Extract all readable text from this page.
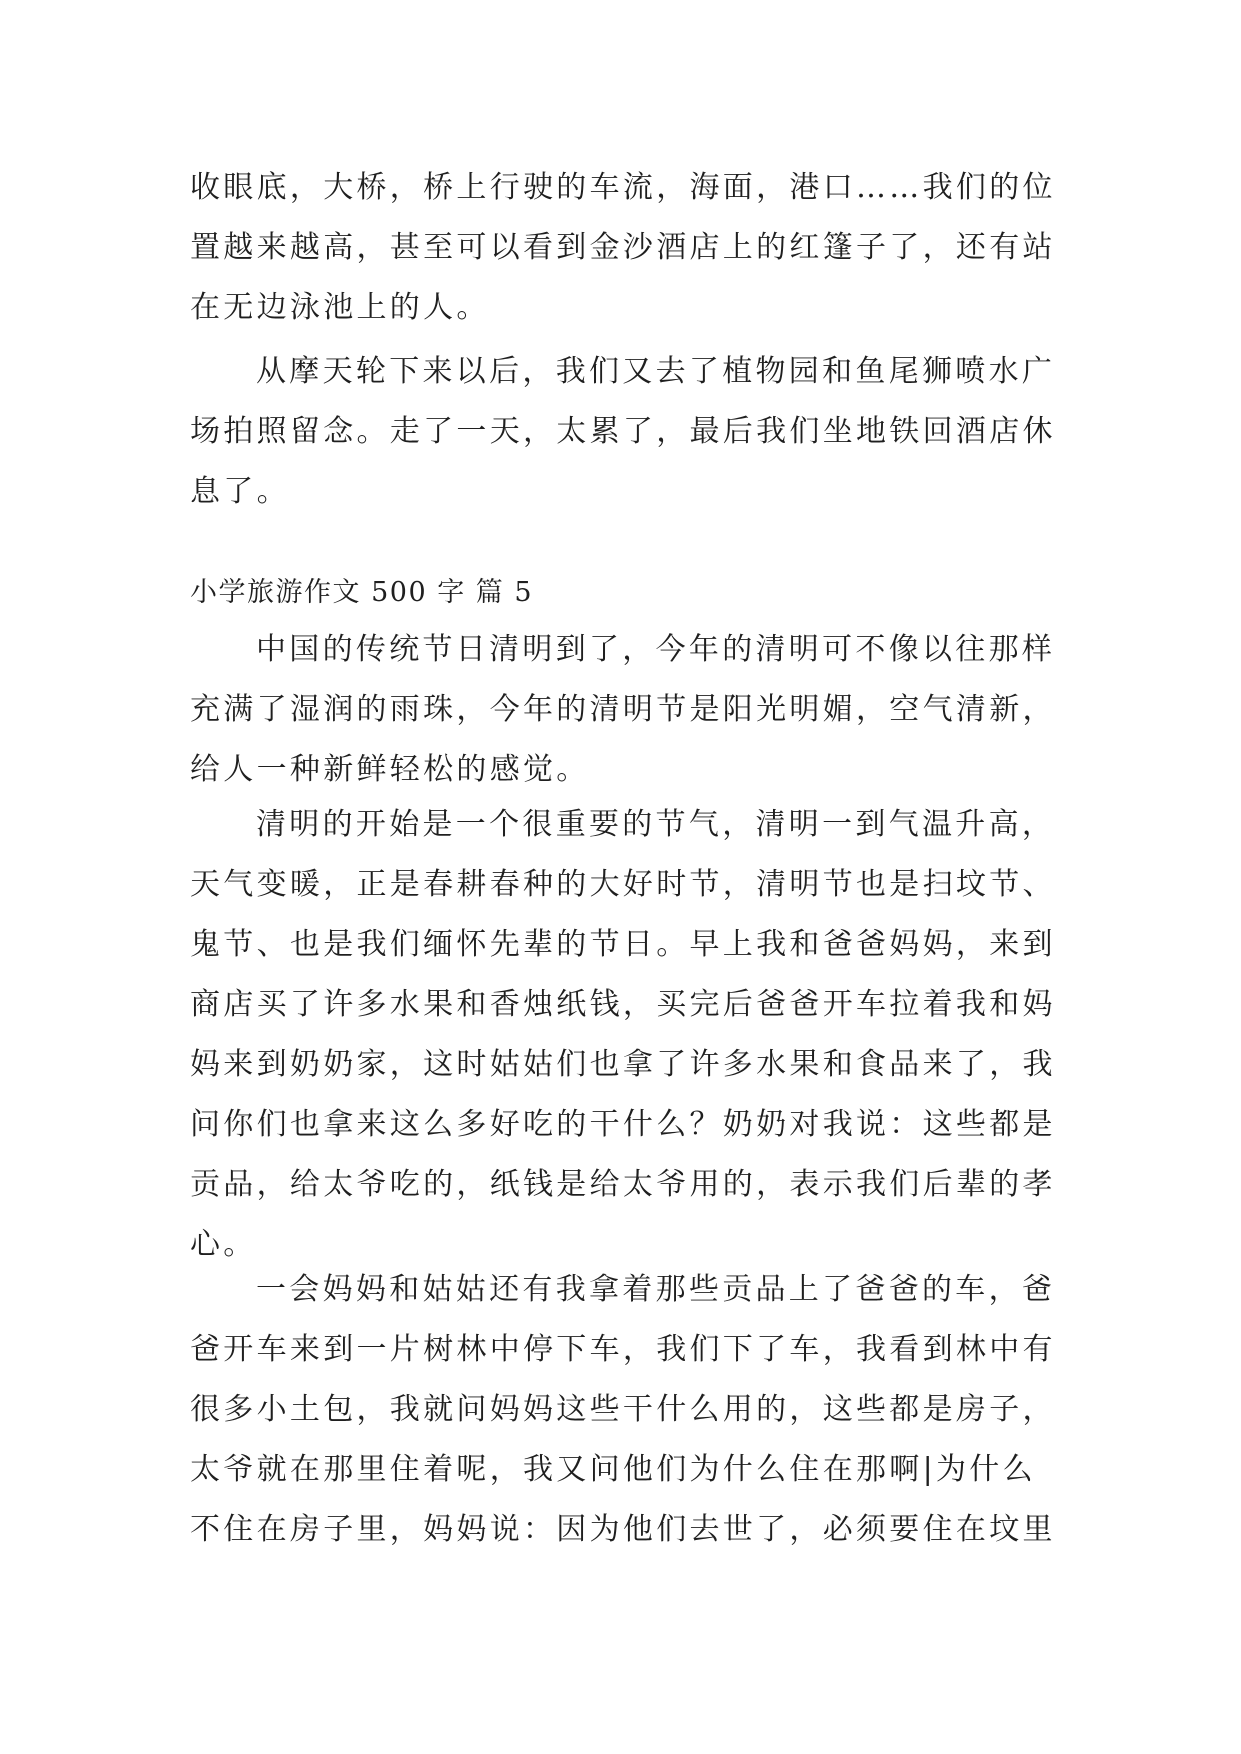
收眼底，大桥，桥上行驶的车流，海面，港口……我们的位
置越来越高，甚至可以看到金沙酒店上的红篷子了，还有站
在无边泳池上的人。
从摩天轮下来以后，我们又去了植物园和鱼尾狮喷水广
场拍照留念。走了一天，太累了，最后我们坐地铁回酒店休
息了。
小学旅游作文 500 字 篇 5
中国的传统节日清明到了，今年的清明可不像以往那样
充满了湿润的雨珠，今年的清明节是阳光明媚，空气清新，
给人一种新鲜轻松的感觉。
清明的开始是一个很重要的节气，清明一到气温升高，
天气变暖，正是春耕春种的大好时节，清明节也是扫坟节、
鬼节、也是我们缅怀先辈的节日。早上我和爸爸妈妈，来到
商店买了许多水果和香烛纸钱，买完后爸爸开车拉着我和妈
妈来到奶奶家，这时姑姑们也拿了许多水果和食品来了，我
问你们也拿来这么多好吃的干什么？奶奶对我说：这些都是
贡品，给太爷吃的，纸钱是给太爷用的，表示我们后辈的孝
心。
一会妈妈和姑姑还有我拿着那些贡品上了爸爸的车，爸
爸开车来到一片树林中停下车，我们下了车，我看到林中有
很多小土包，我就问妈妈这些干什么用的，这些都是房子，
太爷就在那里住着呢，我又问他们为什么住在那啊|为什么
不住在房子里，妈妈说：因为他们去世了，必须要住在坟里
